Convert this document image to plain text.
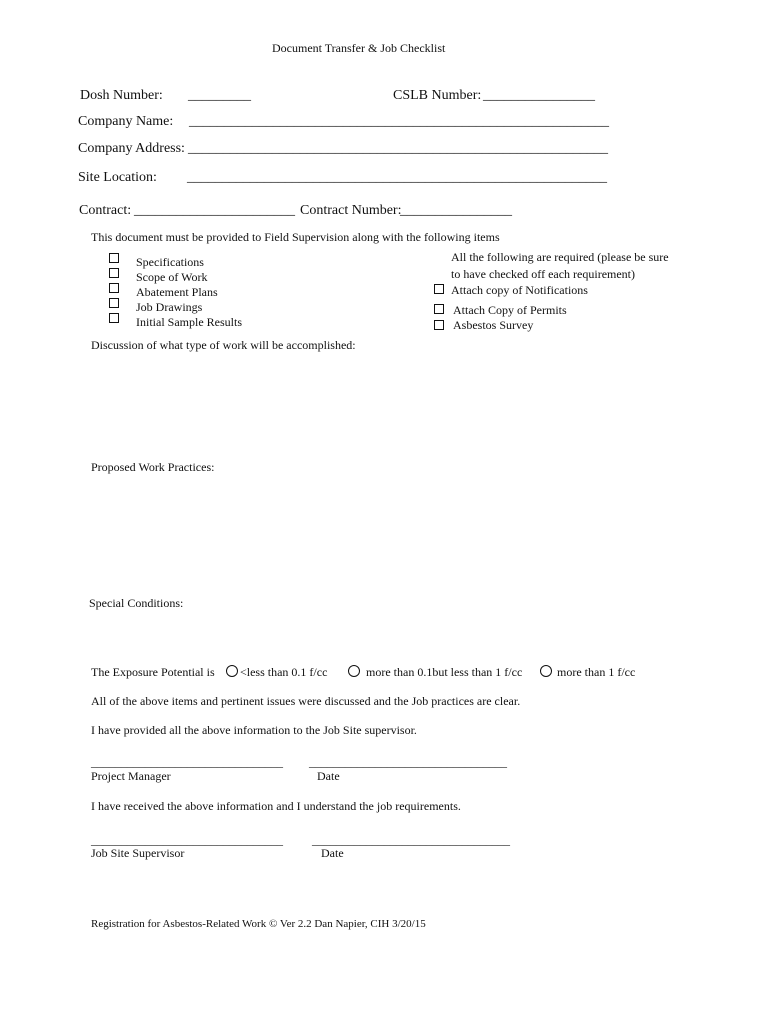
Document Transfer & Job Checklist
Dosh Number: _________	CSLB Number: ________________
Company Name: ____________________________________________________________
Company Address: ____________________________________________________________
Site Location: ____________________________________________________________
Contract: _______________________ Contract Number:
________________
This document must be provided to Field Supervision along with the following items
Specifications
Scope of Work
Abatement Plans
Job Drawings
Initial Sample Results
All the following are required (please be sure
to have checked off each requirement)
Attach copy of Notifications
Attach Copy of Permits
Asbestos Survey
Discussion of what type of work will be accomplished:
Proposed Work Practices:
Special Conditions:
The Exposure Potential is <less than 0.1 f/cc	more than 0.1but less than 1 f/cc	more than 1 f/cc
All of the above items and pertinent issues were discussed and the Job practices are clear.
I have provided all the above information to the Job Site supervisor.
________________________________ _________________________________
Project Manager	Date
I have received the above information and I understand the job requirements.
________________________________ _________________________________
Job Site Supervisor	Date
Registration for Asbestos-Related Work © Ver 2.2 Dan Napier, CIH 3/20/15
